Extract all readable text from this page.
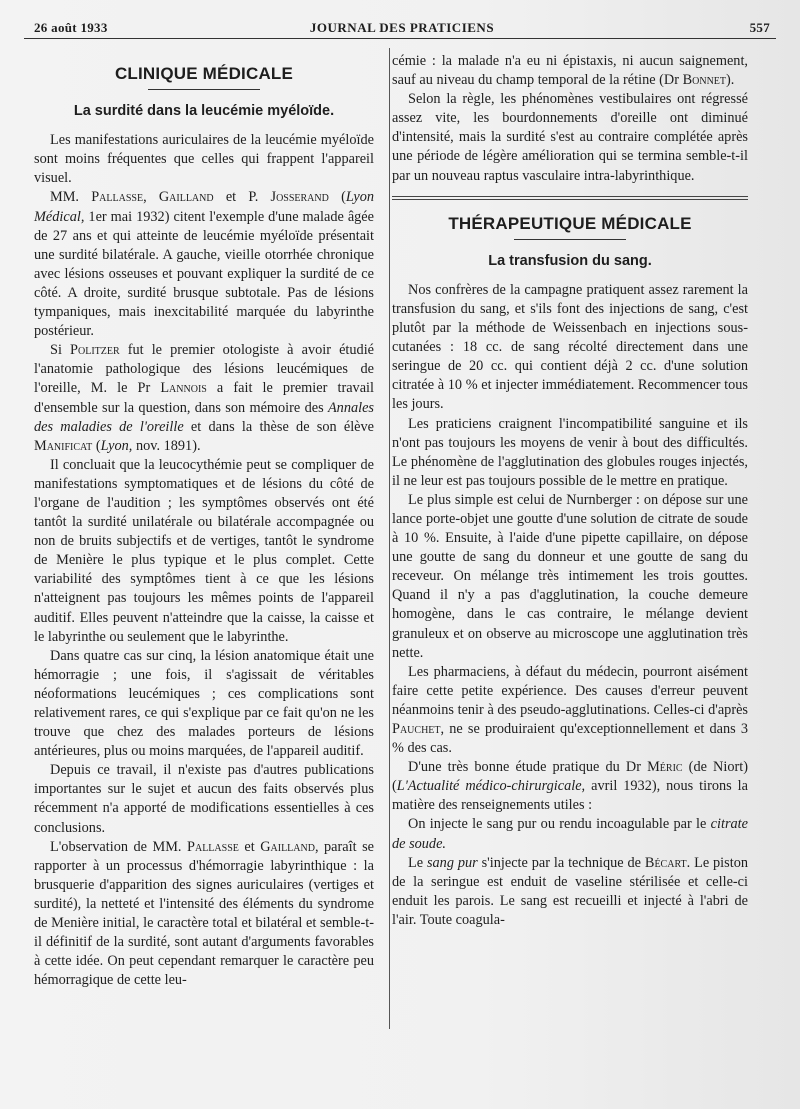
26 août 1933	JOURNAL DES PRATICIENS	557
CLINIQUE MÉDICALE
La surdité dans la leucémie myéloïde.

Les manifestations auriculaires de la leucémie myéloïde sont moins fréquentes que celles qui frappent l'appareil visuel.

MM. Pallasse, Gailland et P. Josserand (Lyon Médical, 1er mai 1932) citent l'exemple d'une malade âgée de 27 ans et qui atteinte de leucémie myéloïde présentait une surdité bilatérale. A gauche, vieille otorrhée chronique avec lésions osseuses et pouvant expliquer la surdité de ce côté. A droite, surdité brusque subtotale. Pas de lésions tympaniques, mais inexcitabilité marquée du labyrinthe postérieur.

Si Politzer fut le premier otologiste à avoir étudié l'anatomie pathologique des lésions leucémiques de l'oreille, M. le Pr Lannois a fait le premier travail d'ensemble sur la question, dans son mémoire des Annales des maladies de l'oreille et dans la thèse de son élève Manificat (Lyon, nov. 1891).

Il concluait que la leucocythémie peut se compliquer de manifestations symptomatiques et de lésions du côté de l'organe de l'audition ; les symptômes observés ont été tantôt la surdité unilatérale ou bilatérale accompagnée ou non de bruits subjectifs et de vertiges, tantôt le syndrome de Menière le plus typique et le plus complet. Cette variabilité des symptômes tient à ce que les lésions n'atteignent pas toujours les mêmes points de l'appareil auditif. Elles peuvent n'atteindre que la caisse, la caisse et le labyrinthe ou seulement que le labyrinthe.

Dans quatre cas sur cinq, la lésion anatomique était une hémorragie ; une fois, il s'agissait de véritables néoformations leucémiques ; ces complications sont relativement rares, ce qui s'explique par ce fait qu'on ne les trouve que chez des malades porteurs de lésions antérieures, plus ou moins marquées, de l'appareil auditif.

Depuis ce travail, il n'existe pas d'autres publications importantes sur le sujet et aucun des faits observés plus récemment n'a apporté de modifications essentielles à ces conclusions.

L'observation de MM. Pallasse et Gailland, paraît se rapporter à un processus d'hémorragie labyrinthique : la brusquerie d'apparition des signes auriculaires (vertiges et surdité), la netteté et l'intensité des éléments du syndrome de Menière initial, le caractère total et bilatéral et semble-t-il définitif de la surdité, sont autant d'arguments favorables à cette idée. On peut cependant remarquer le caractère peu hémorragique de cette leu-

cémie : la malade n'a eu ni épistaxis, ni aucun saignement, sauf au niveau du champ temporal de la rétine (Dr Bonnet).

Selon la règle, les phénomènes vestibulaires ont régressé assez vite, les bourdonnements d'oreille ont diminué d'intensité, mais la surdité s'est au contraire complétée après une période de légère amélioration qui se termina semble-t-il par un nouveau raptus vasculaire intra-labyrinthique.

THÉRAPEUTIQUE MÉDICALE
La transfusion du sang.

Nos confrères de la campagne pratiquent assez rarement la transfusion du sang, et s'ils font des injections de sang, c'est plutôt par la méthode de Weissenbach en injections sous-cutanées : 18 cc. de sang récolté directement dans une seringue de 20 cc. qui contient déjà 2 cc. d'une solution citratée à 10 % et injecter immédiatement. Recommencer tous les jours.

Les praticiens craignent l'incompatibilité sanguine et ils n'ont pas toujours les moyens de venir à bout des difficultés. Le phénomène de l'agglutination des globules rouges injectés, il ne leur est pas toujours possible de le mettre en pratique.

Le plus simple est celui de Nurnberger : on dépose sur une lance porte-objet une goutte d'une solution de citrate de soude à 10 %. Ensuite, à l'aide d'une pipette capillaire, on dépose une goutte de sang du donneur et une goutte de sang du receveur. On mélange très intimement les trois gouttes. Quand il n'y a pas d'agglutination, la couche demeure homogène, dans le cas contraire, le mélange devient granuleux et on observe au microscope une agglutination très nette.

Les pharmaciens, à défaut du médecin, pourront aisément faire cette petite expérience. Des causes d'erreur peuvent néanmoins tenir à des pseudo-agglutinations. Celles-ci d'après Pauchet, ne se produiraient qu'exceptionnellement et dans 3 % des cas.

D'une très bonne étude pratique du Dr Méric (de Niort) (L'Actualité médico-chirurgicale, avril 1932), nous tirons la matière des renseignements utiles :

On injecte le sang pur ou rendu incoagulable par le citrate de soude.

Le sang pur s'injecte par la technique de Bécart. Le piston de la seringue est enduit de vaseline stérilisée et celle-ci enduit les parois. Le sang est recueilli et injecté à l'abri de l'air. Toute coagula-
